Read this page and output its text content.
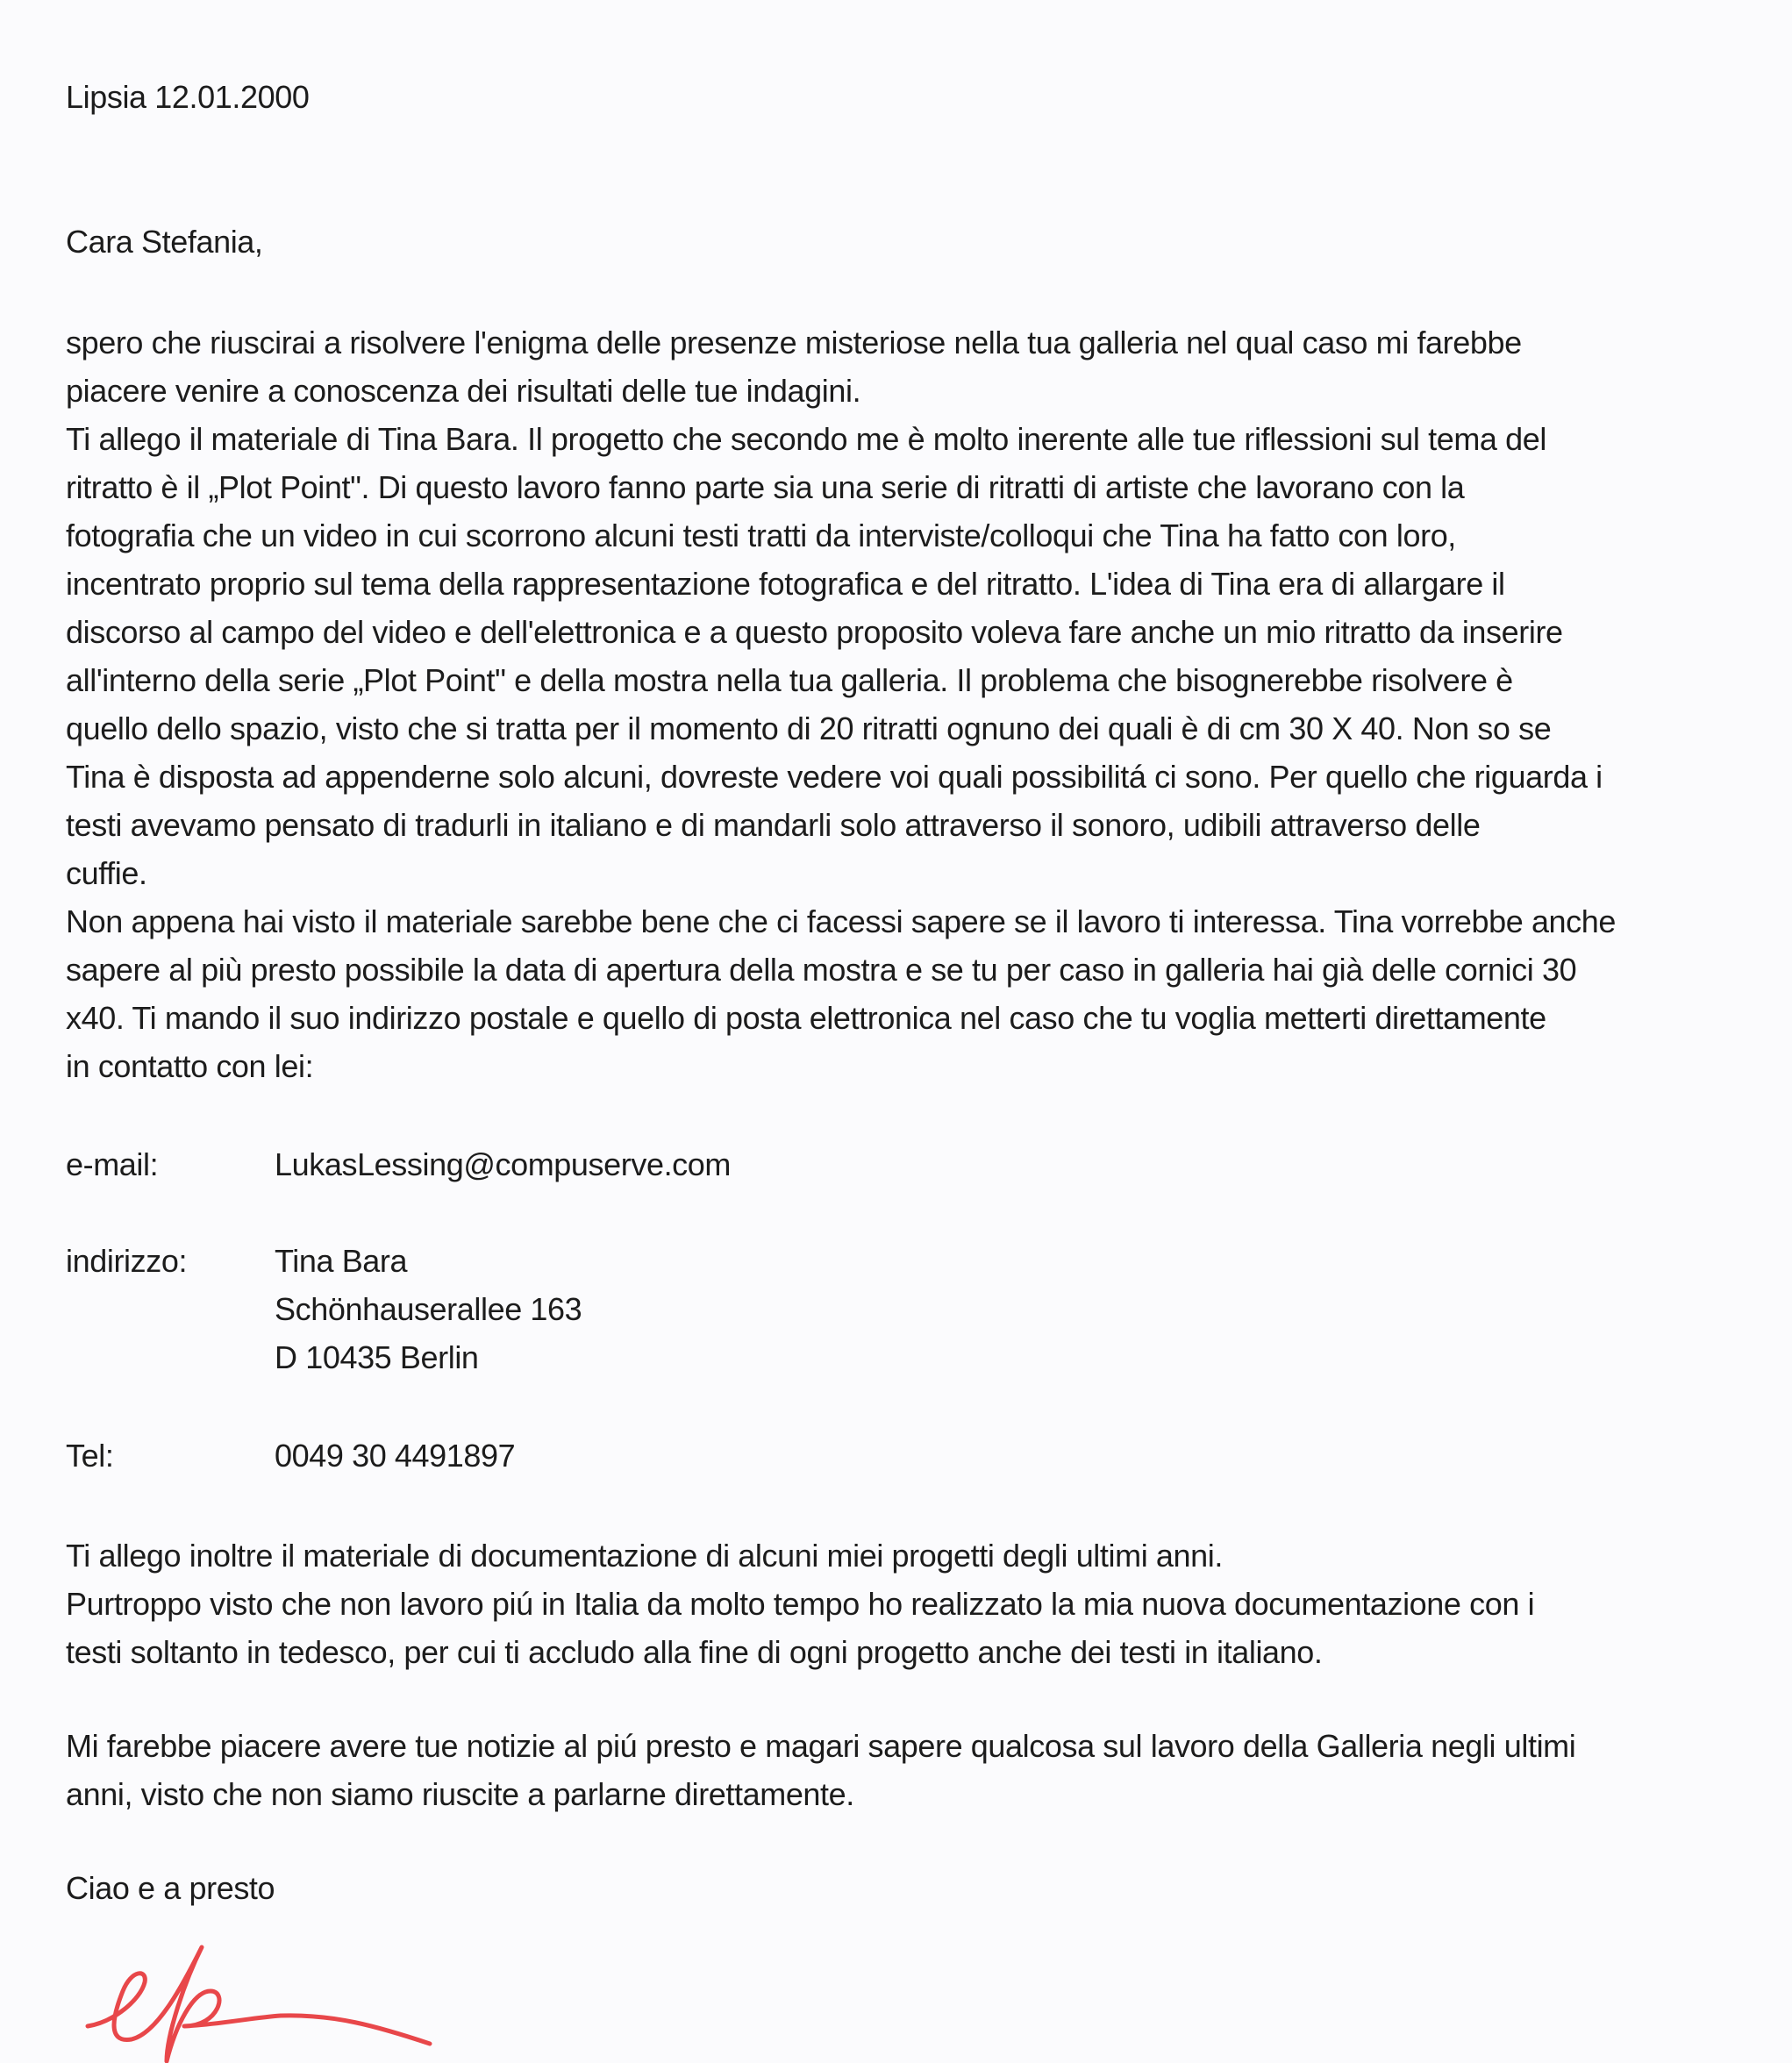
Lipsia 12.01.2000
Cara Stefania,
spero che riuscirai a risolvere l'enigma delle presenze misteriose nella tua galleria nel qual caso mi farebbe
piacere venire a conoscenza dei risultati delle tue indagini.
Ti allego il materiale di Tina Bara. Il progetto che secondo me è molto inerente alle tue riflessioni sul tema del
ritratto è il „Plot Point". Di questo lavoro fanno parte sia una serie di ritratti di artiste che lavorano con la
fotografia che un video in cui scorrono alcuni testi tratti da interviste/colloqui che Tina ha fatto con loro,
incentrato proprio sul tema della rappresentazione fotografica e del ritratto. L'idea di Tina era di allargare il
discorso al campo del video e dell'elettronica e a questo proposito voleva fare anche un mio ritratto da inserire
all'interno della serie „Plot Point" e della mostra nella tua galleria. Il problema che bisognerebbe risolvere è
quello dello spazio, visto che si tratta per il momento di 20 ritratti ognuno dei quali è di cm 30 X 40. Non so se
Tina è disposta ad appenderne solo alcuni, dovreste vedere voi quali possibilitá ci sono. Per quello che riguarda i
testi avevamo pensato di tradurli in italiano e di mandarli solo attraverso il sonoro, udibili attraverso delle
cuffie.
Non appena hai visto il materiale sarebbe bene che ci facessi sapere se il lavoro ti interessa. Tina vorrebbe anche
sapere al più presto possibile la data di apertura della mostra e se tu per caso in galleria hai già delle cornici 30
x40. Ti mando il suo indirizzo postale e quello di posta elettronica nel caso che tu voglia metterti direttamente
in contatto con lei:
e-mail:	LukasLessing@compuserve.com
indirizzo:	Tina Bara
Schönhauserallee 163
D 10435 Berlin
Tel:	0049 30 4491897
Ti allego inoltre il materiale di documentazione di alcuni miei progetti degli ultimi anni.
Purtroppo visto che non lavoro piú in Italia da molto tempo ho realizzato la mia nuova documentazione con i
testi soltanto in tedesco, per cui ti accludo alla fine di ogni progetto anche dei testi in italiano.
Mi farebbe piacere avere tue notizie al piú presto e magari sapere qualcosa sul lavoro della Galleria negli ultimi
anni, visto che non siamo riuscite a parlarne direttamente.
Ciao e a presto
